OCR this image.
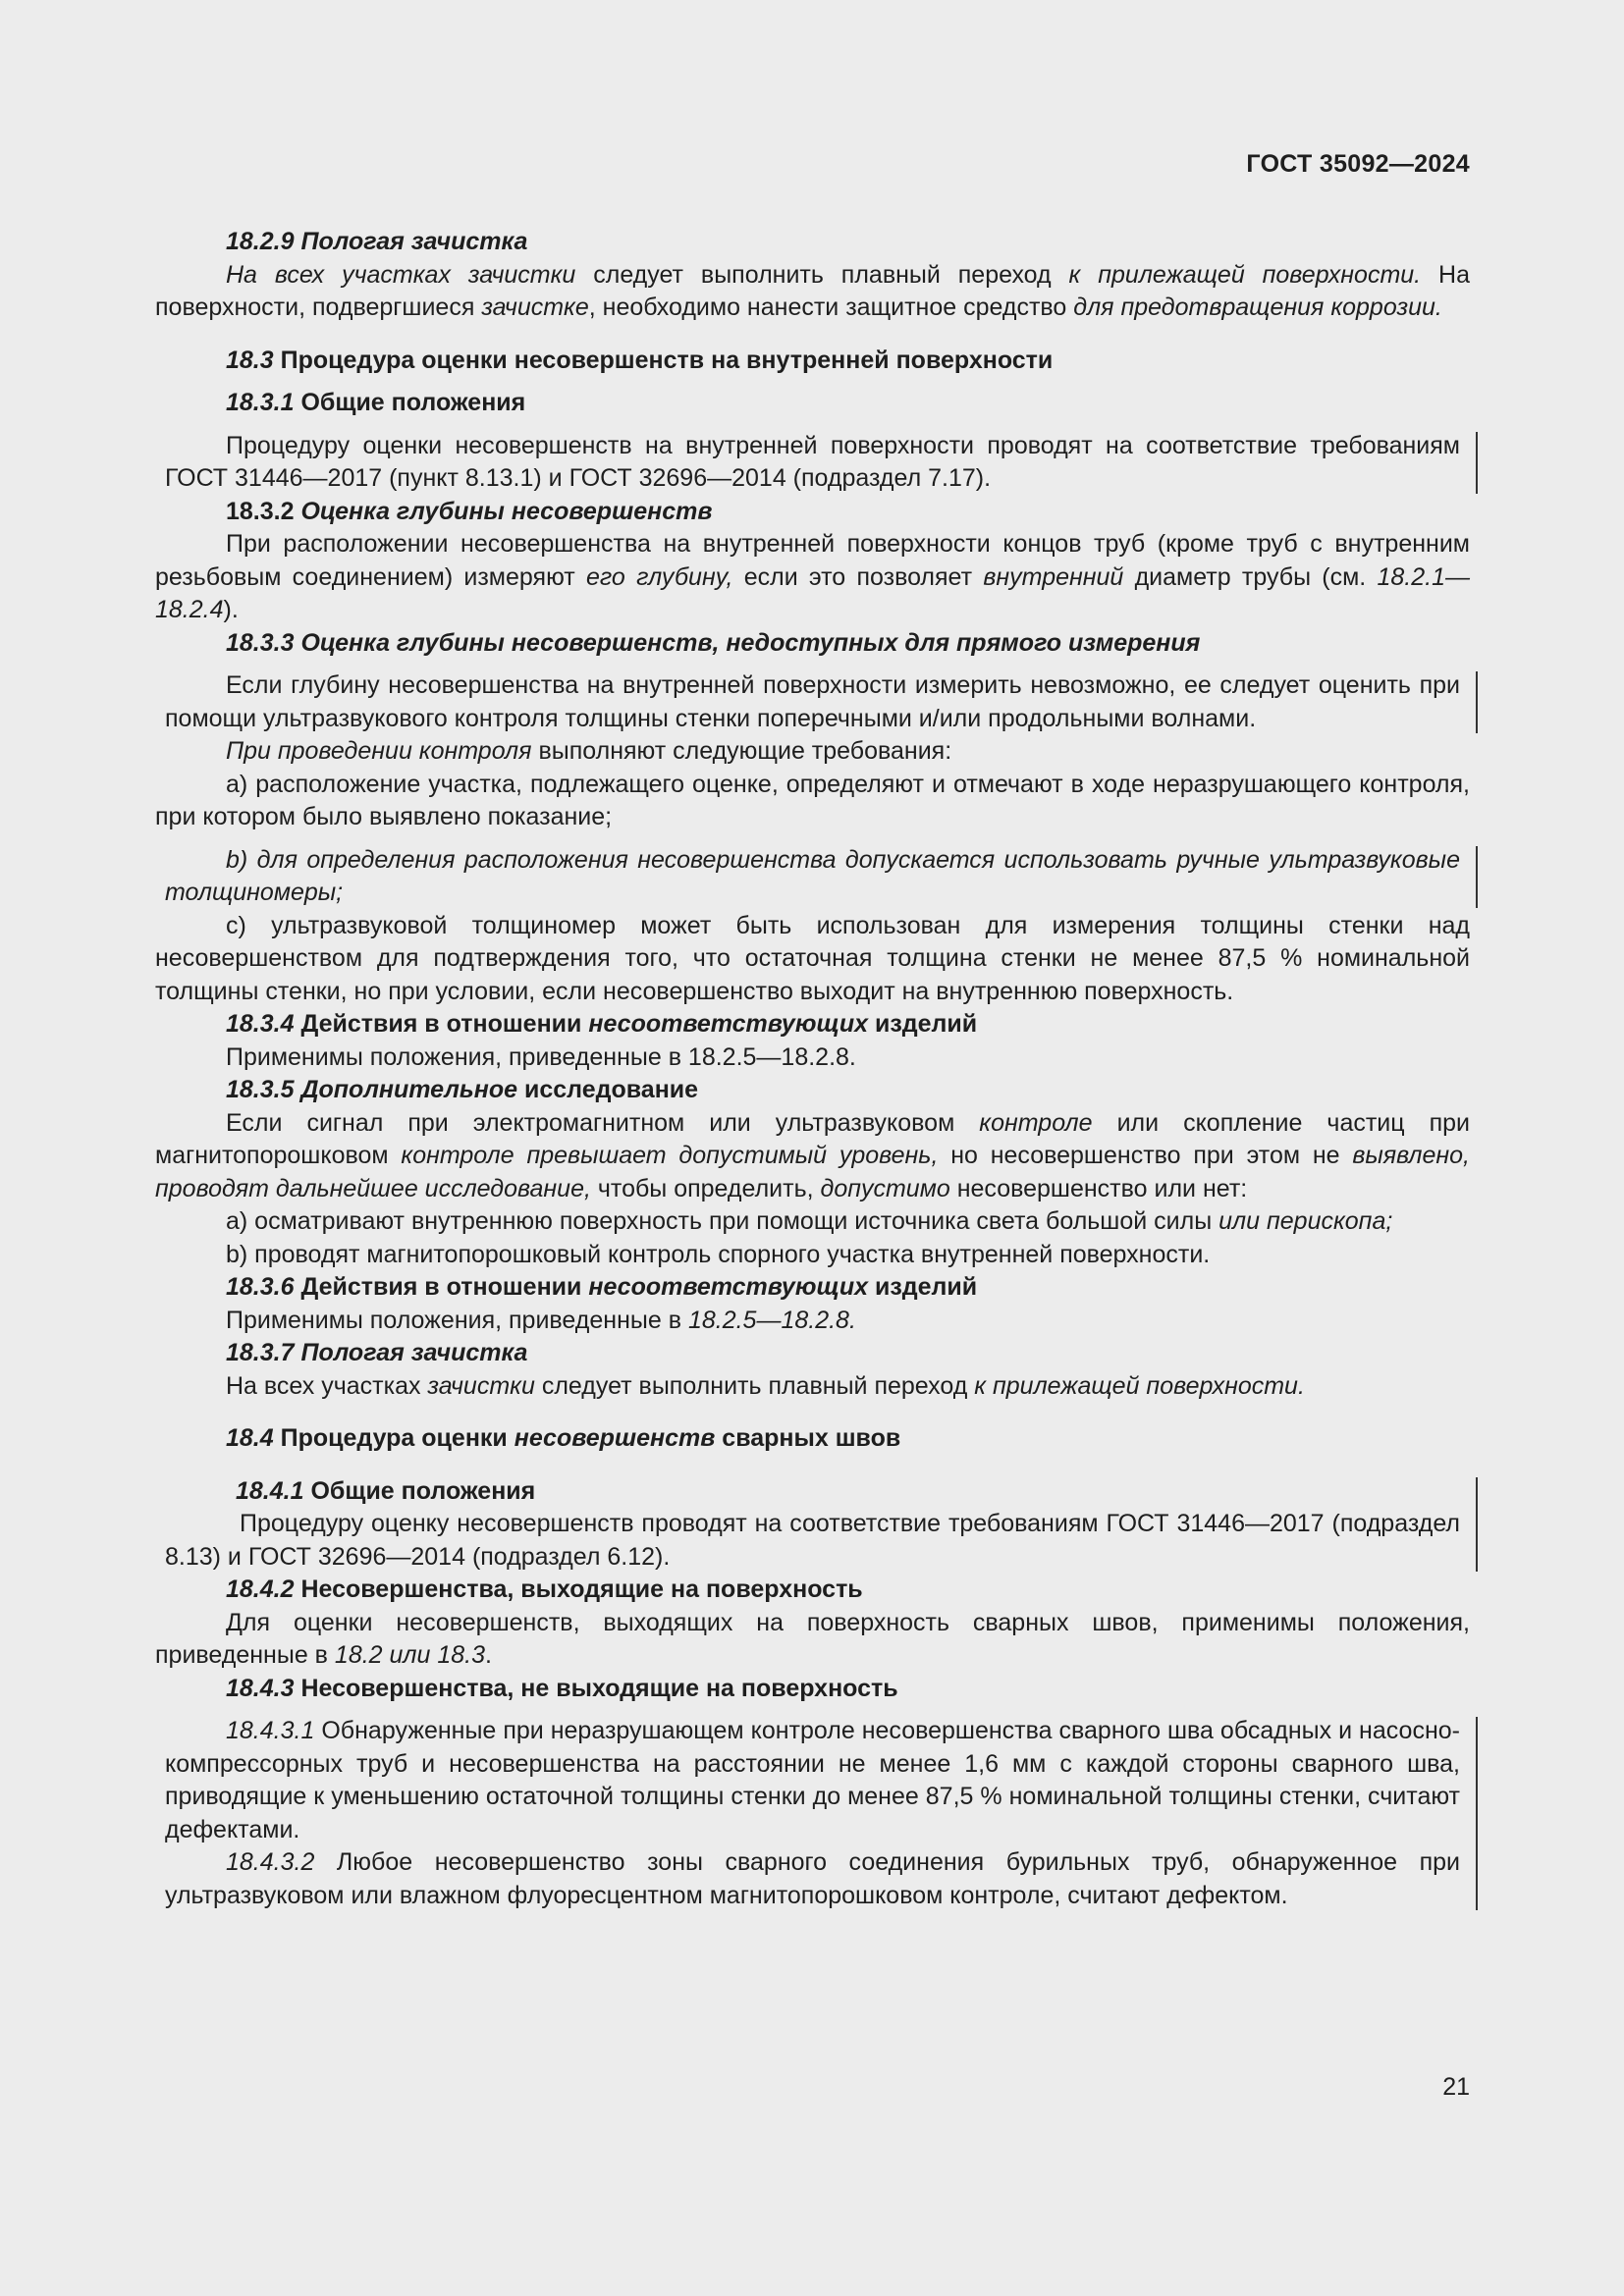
ГОСТ 35092—2024

18.2.9 Пологая зачистка

На всех участках зачистки следует выполнить плавный переход к прилежащей поверхности. На поверхности, подвергшиеся зачистке, необходимо нанести защитное средство для предотвращения коррозии.

18.3 Процедура оценки несовершенств на внутренней поверхности

18.3.1 Общие положения

Процедуру оценки несовершенств на внутренней поверхности проводят на соответствие требованиям ГОСТ 31446—2017 (пункт 8.13.1) и ГОСТ 32696—2014 (подраздел 7.17).

18.3.2 Оценка глубины несовершенств

При расположении несовершенства на внутренней поверхности концов труб (кроме труб с внутренним резьбовым соединением) измеряют его глубину, если это позволяет внутренний диаметр трубы (см. 18.2.1—18.2.4).

18.3.3 Оценка глубины несовершенств, недоступных для прямого измерения

Если глубину несовершенства на внутренней поверхности измерить невозможно, ее следует оценить при помощи ультразвукового контроля толщины стенки поперечными и/или продольными волнами.

При проведении контроля выполняют следующие требования:

а) расположение участка, подлежащего оценке, определяют и отмечают в ходе неразрушающего контроля, при котором было выявлено показание;

b) для определения расположения несовершенства допускается использовать ручные ультразвуковые толщиномеры;

c) ультразвуковой толщиномер может быть использован для измерения толщины стенки над несовершенством для подтверждения того, что остаточная толщина стенки не менее 87,5 % номинальной толщины стенки, но при условии, если несовершенство выходит на внутреннюю поверхность.

18.3.4 Действия в отношении несоответствующих изделий

Применимы положения, приведенные в 18.2.5—18.2.8.

18.3.5 Дополнительное исследование

Если сигнал при электромагнитном или ультразвуковом контроле или скопление частиц при магнитопорошковом контроле превышает допустимый уровень, но несовершенство при этом не выявлено, проводят дальнейшее исследование, чтобы определить, допустимо несовершенство или нет:

а) осматривают внутреннюю поверхность при помощи источника света большой силы или перископа;

b) проводят магнитопорошковый контроль спорного участка внутренней поверхности.

18.3.6 Действия в отношении несоответствующих изделий

Применимы положения, приведенные в 18.2.5—18.2.8.

18.3.7 Пологая зачистка

На всех участках зачистки следует выполнить плавный переход к прилежащей поверхности.

18.4 Процедура оценки несовершенств сварных швов

18.4.1 Общие положения

Процедуру оценку несовершенств проводят на соответствие требованиям ГОСТ 31446—2017 (подраздел 8.13) и ГОСТ 32696—2014 (подраздел 6.12).

18.4.2 Несовершенства, выходящие на поверхность

Для оценки несовершенств, выходящих на поверхность сварных швов, применимы положения, приведенные в 18.2 или 18.3.

18.4.3 Несовершенства, не выходящие на поверхность

18.4.3.1 Обнаруженные при неразрушающем контроле несовершенства сварного шва обсадных и насосно-компрессорных труб и несовершенства на расстоянии не менее 1,6 мм с каждой стороны сварного шва, приводящие к уменьшению остаточной толщины стенки до менее 87,5 % номинальной толщины стенки, считают дефектами.

18.4.3.2 Любое несовершенство зоны сварного соединения бурильных труб, обнаруженное при ультразвуковом или влажном флуоресцентном магнитопорошковом контроле, считают дефектом.

21
